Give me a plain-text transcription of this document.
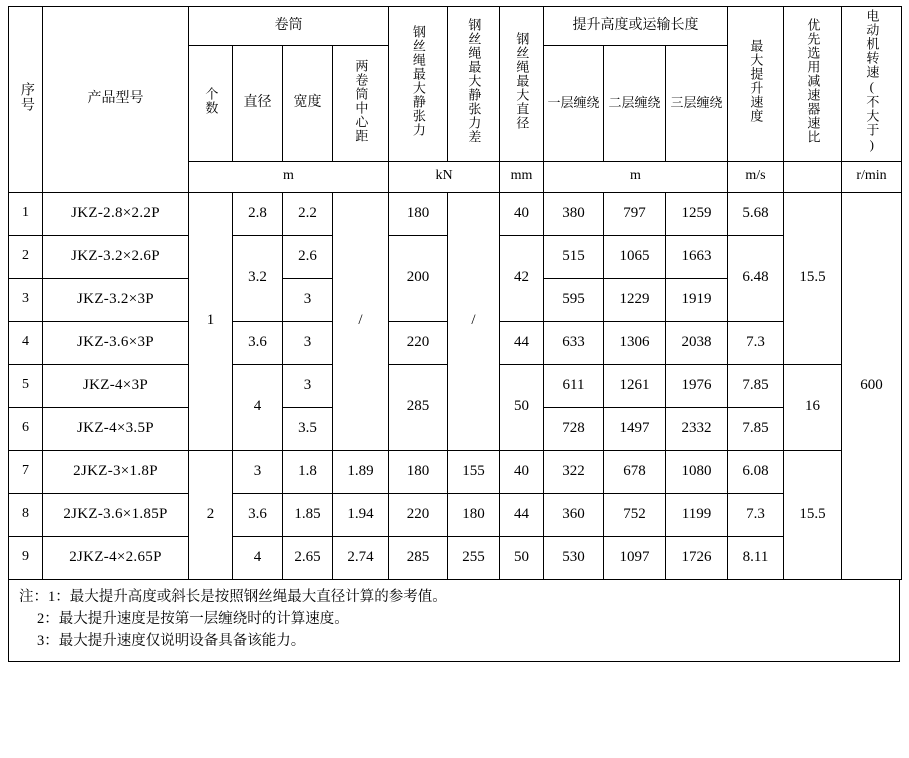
序号	产品型号	卷筒				钢丝绳最大静张力	钢丝绳最大静张力差	钢丝绳最大直径	提升高度或运输长度			最大提升速度	优先选用减速器速比	电动机转速(不大于)
		个数	直径	宽度	两卷筒中心距				一层缠绕	二层缠绕	三层缠绕			
		m				kN		mm	m			m/s		r/min
1	JKZ-2.8×2.2P	1	2.8	2.2	/	180	/	40	380	797	1259	5.68	15.5	600
2	JKZ-3.2×2.6P		3.2	2.6		200		42	515	1065	1663	6.48		
3	JKZ-3.2×3P			3					595	1229	1919			
4	JKZ-3.6×3P		3.6	3		220		44	633	1306	2038	7.3		
5	JKZ-4×3P		4	3		285		50	611	1261	1976	7.85	16	
6	JKZ-4×3.5P			3.5					728	1497	2332	7.85		
7	2JKZ-3×1.8P	2	3	1.8	1.89	180	155	40	322	678	1080	6.08	15.5	
8	2JKZ-3.6×1.85P		3.6	1.85	1.94	220	180	44	360	752	1199	7.3		
9	2JKZ-4×2.65P		4	2.65	2.74	285	255	50	530	1097	1726	8.11		
注：1：最大提升高度或斜长是按照钢丝绳最大直径计算的参考值。
2：最大提升速度是按第一层缠绕时的计算速度。
3：最大提升速度仅说明设备具备该能力。
